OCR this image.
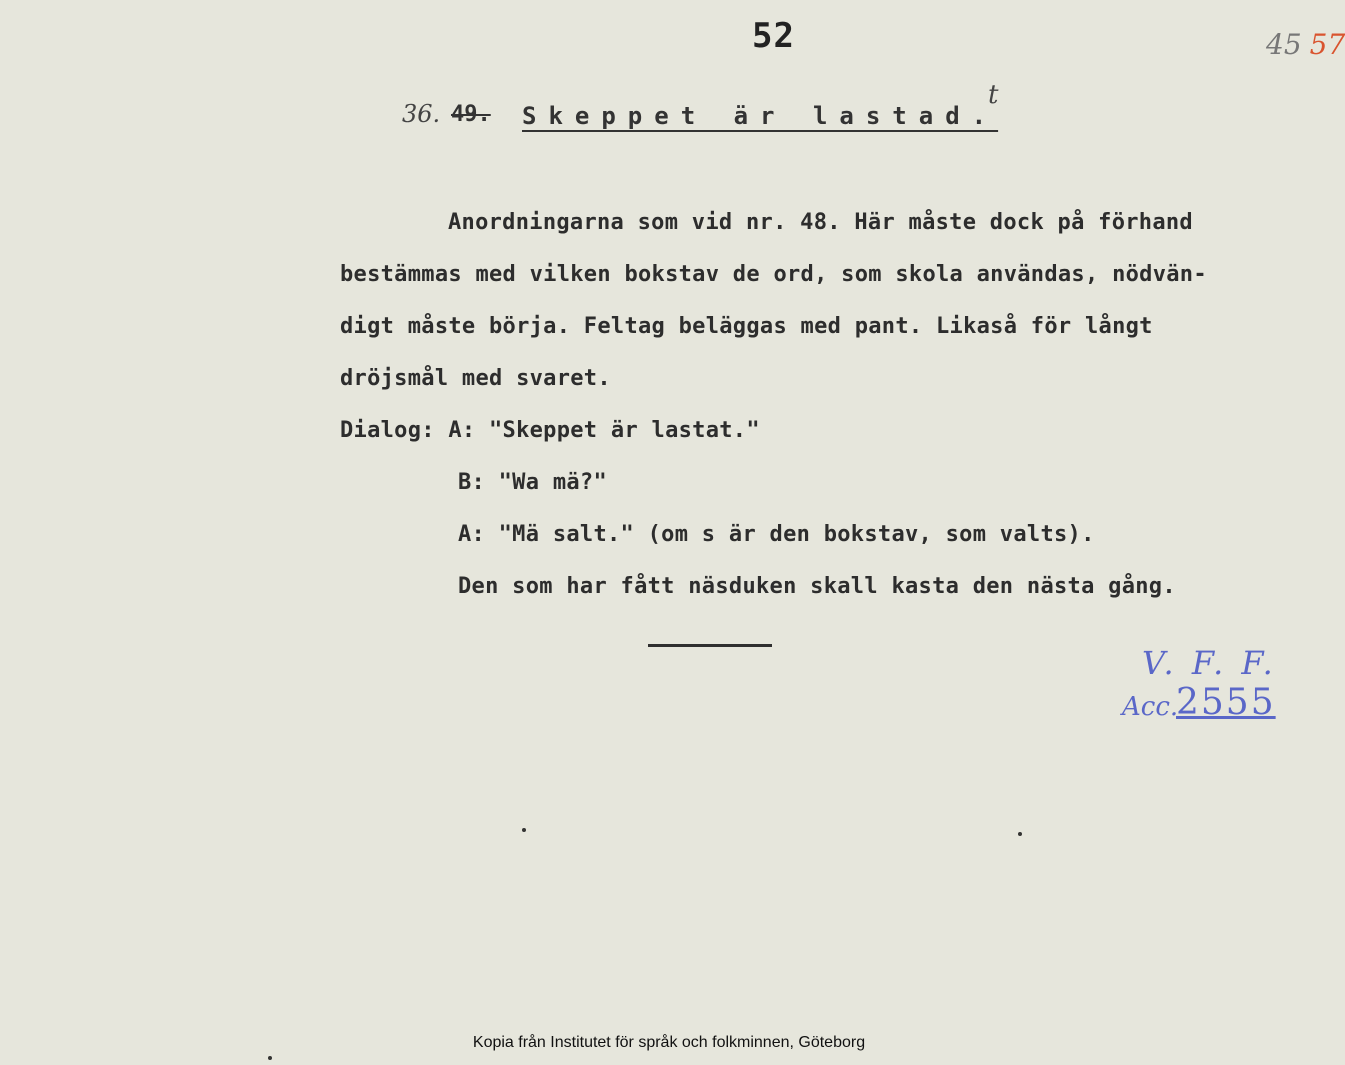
52	45 57
36. 49. Skeppet är lastad.
t
Anordningarna som vid nr. 48. Här måste dock på förhand
bestämmas med vilken bokstav de ord, som skola användas, nödvän-
digt måste börja. Feltag beläggas med pant. Likaså för långt
dröjsmål med svaret.
Dialog: A: "Skeppet är lastat."
B: "Wa mä?"
A: "Mä salt." (om s är den bokstav, som valts).
Den som har fått näsduken skall kasta den nästa gång.
V. F. F.
Acc.
2555
Kopia från Institutet för språk och folkminnen, Göteborg
